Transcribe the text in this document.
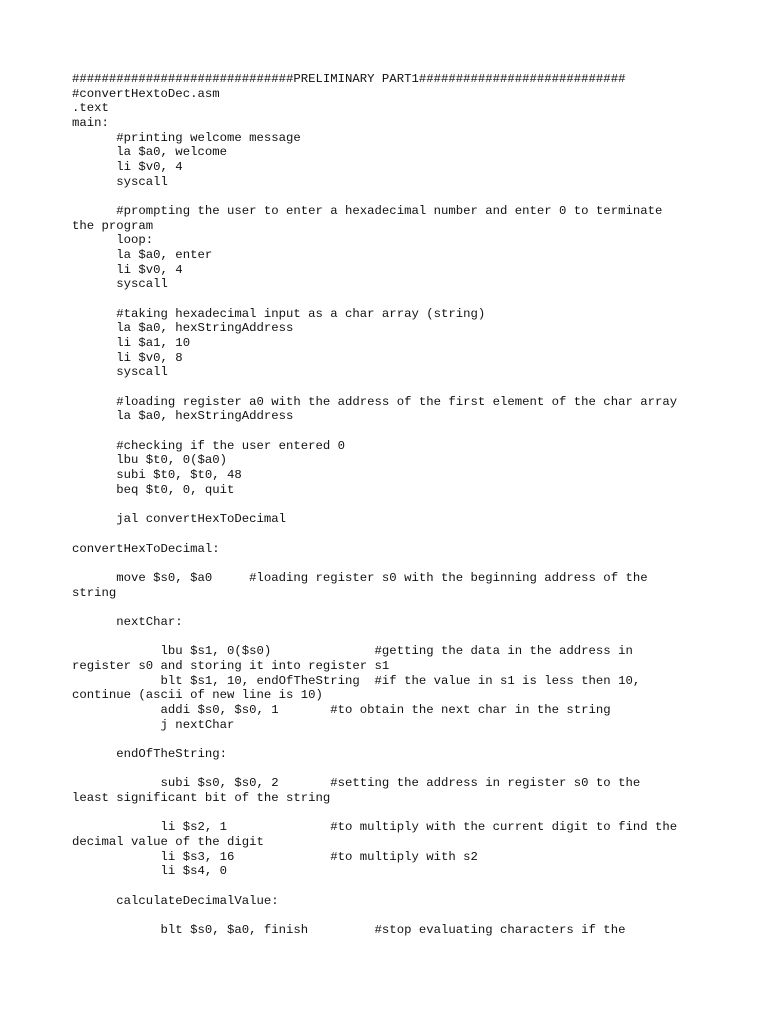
##############################PRELIMINARY PART1############################
#convertHextoDec.asm
.text
main:
#printing welcome message
la $a0, welcome
li $v0, 4
syscall
#prompting the user to enter a hexadecimal number and enter 0 to terminate
the program
loop:
la $a0, enter
li $v0, 4
syscall
#taking hexadecimal input as a char array (string)
la $a0, hexStringAddress
li $a1, 10
li $v0, 8
syscall
#loading register a0 with the address of the first element of the char array
la $a0, hexStringAddress
#checking if the user entered 0
lbu $t0, 0($a0)
subi $t0, $t0, 48
beq $t0, 0, quit
jal convertHexToDecimal
convertHexToDecimal:
move $s0, $a0     #loading register s0 with the beginning address of the
string
nextChar:
lbu $s1, 0($s0)              #getting the data in the address in
register s0 and storing it into register s1
blt $s1, 10, endOfTheString  #if the value in s1 is less then 10,
continue (ascii of new line is 10)
addi $s0, $s0, 1       #to obtain the next char in the string
j nextChar
endOfTheString:
subi $s0, $s0, 2       #setting the address in register s0 to the
least significant bit of the string
li $s2, 1              #to multiply with the current digit to find the
decimal value of the digit
li $s3, 16             #to multiply with s2
li $s4, 0
calculateDecimalValue:
blt $s0, $a0, finish         #stop evaluating characters if the
